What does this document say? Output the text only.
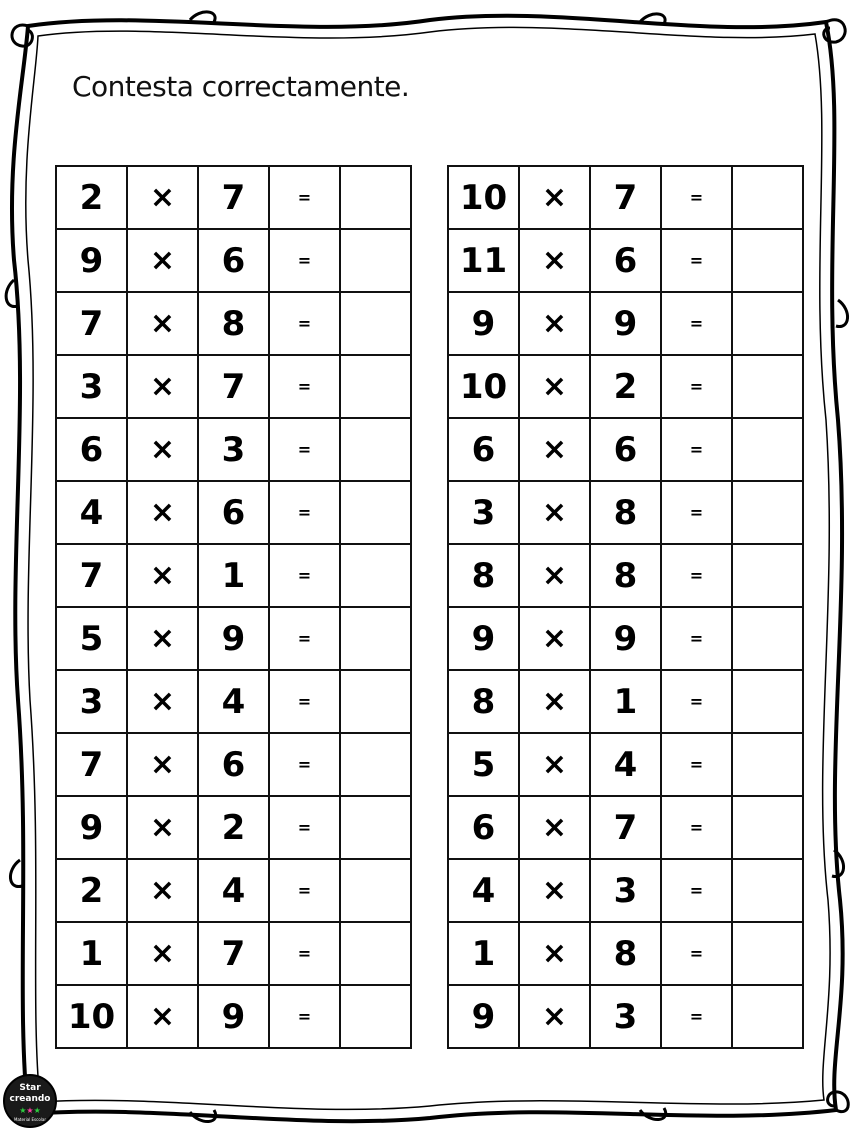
Contesta correctamente.
2	×	7	=	
9	×	6	=	
7	×	8	=	
3	×	7	=	
6	×	3	=	
4	×	6	=	
7	×	1	=	
5	×	9	=	
3	×	4	=	
7	×	6	=	
9	×	2	=	
2	×	4	=	
1	×	7	=	
10	×	9	=	
10	×	7	=	
11	×	6	=	
9	×	9	=	
10	×	2	=	
6	×	6	=	
3	×	8	=	
8	×	8	=	
9	×	9	=	
8	×	1	=	
5	×	4	=	
6	×	7	=	
4	×	3	=	
1	×	8	=	
9	×	3	=	
Star
creando
★★★
Material Escolar
